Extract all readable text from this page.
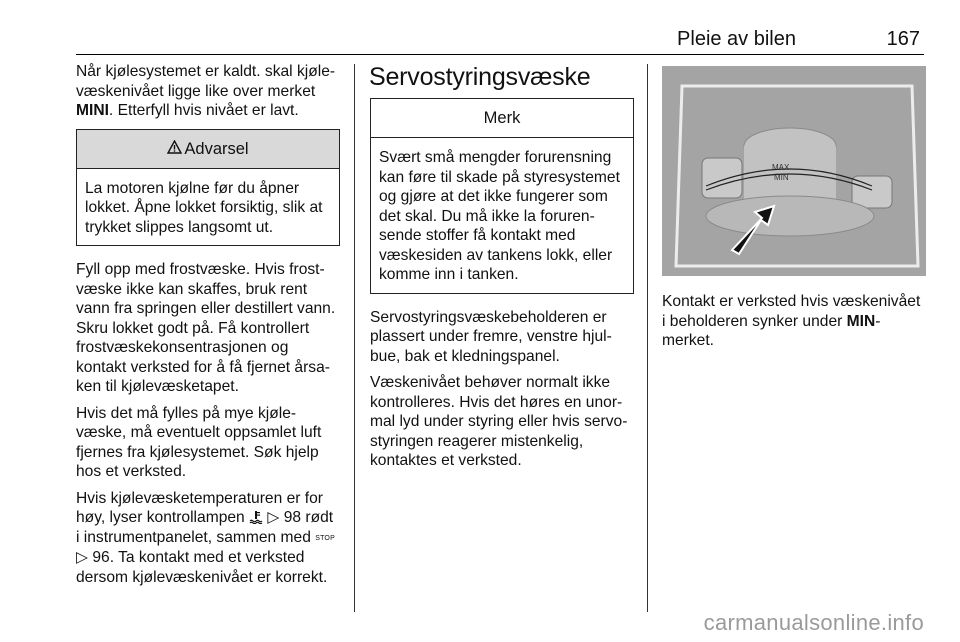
Pleie av bilen	167

Når kjølesystemet er kaldt. skal kjøle-væskenivået ligge like over merket MINI. Etterfyll hvis nivået er lavt.

Advarsel
La motoren kjølne før du åpner lokket. Åpne lokket forsiktig, slik at trykket slippes langsomt ut.

Fyll opp med frostvæske. Hvis frost-væske ikke kan skaffes, bruk rent vann fra springen eller destillert vann. Skru lokket godt på. Få kontrollert frostvæskekonsentrasjonen og kontakt verksted for å få fjernet årsa-ken til kjølevæsketapet.

Hvis det må fylles på mye kjøle-væske, må eventuelt oppsamlet luft fjernes fra kjølesystemet. Søk hjelp hos et verksted.

Hvis kjølevæsketemperaturen er for høy, lyser kontrollampen  ▷ 98 rødt i instrumentpanelet, sammen med STOP
▷ 96. Ta kontakt med et verksted dersom kjølevæskenivået er korrekt.

Servostyringsvæske
Merk
Svært små mengder forurensning kan føre til skade på styresystemet og gjøre at det ikke fungerer som det skal. Du må ikke la foruren-sende stoffer få kontakt med væskesiden av tankens lokk, eller komme inn i tanken.

Servostyringsvæskebeholderen er plassert under fremre, venstre hjul-bue, bak et kledningspanel.

Væskenivået behøver normalt ikke kontrolleres. Hvis det høres en unor-mal lyd under styring eller hvis servo-styringen reagerer mistenkelig, kontaktes et verksted.

MAX
MIN

Kontakt er verksted hvis væskenivået i beholderen synker under MIN-merket.

carmanualsonline.info
